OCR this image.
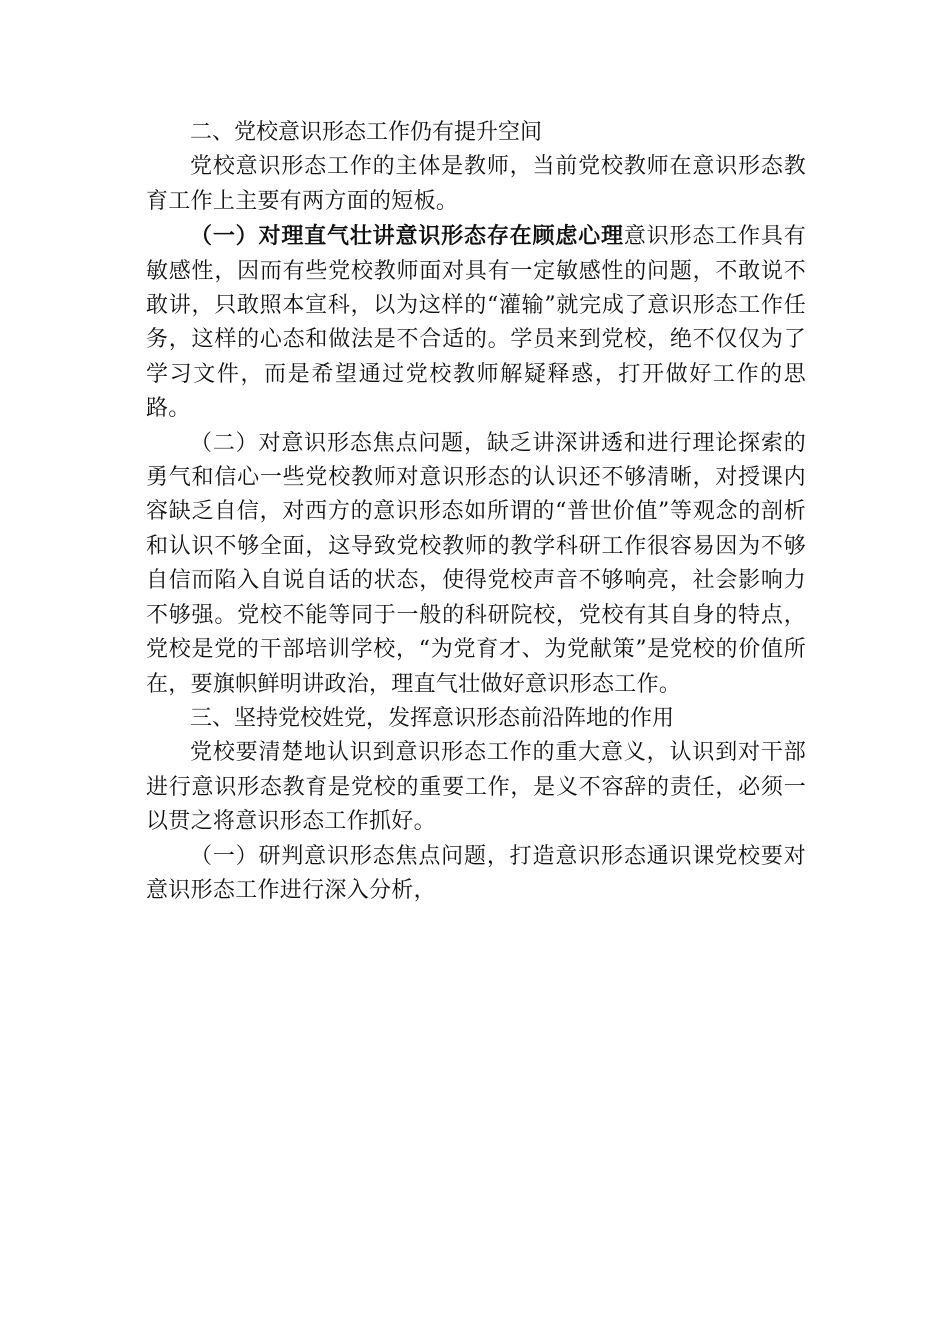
二、党校意识形态工作仍有提升空间

党校意识形态工作的主体是教师，当前党校教师在意识形态教育工作上主要有两方面的短板。

（一）对理直气壮讲意识形态存在顾虑心理意识形态工作具有敏感性，因而有些党校教师面对具有一定敏感性的问题，不敢说不敢讲，只敢照本宣科，以为这样的“灌输”就完成了意识形态工作任务，这样的心态和做法是不合适的。学员来到党校，绝不仅仅为了学习文件，而是希望通过党校教师解疑释惑，打开做好工作的思路。

（二）对意识形态焦点问题，缺乏讲深讲透和进行理论探索的勇气和信心一些党校教师对意识形态的认识还不够清晰，对授课内容缺乏自信，对西方的意识形态如所谓的“普世价值”等观念的剖析和认识不够全面，这导致党校教师的教学科研工作很容易因为不够自信而陷入自说自话的状态，使得党校声音不够响亮，社会影响力不够强。党校不能等同于一般的科研院校，党校有其自身的特点，党校是党的干部培训学校，“为党育才、为党献策”是党校的价值所在，要旗帜鲜明讲政治，理直气壮做好意识形态工作。

三、坚持党校姓党，发挥意识形态前沿阵地的作用

党校要清楚地认识到意识形态工作的重大意义，认识到对干部进行意识形态教育是党校的重要工作，是义不容辞的责任，必须一以贯之将意识形态工作抓好。

（一）研判意识形态焦点问题，打造意识形态通识课党校要对意识形态工作进行深入分析，
